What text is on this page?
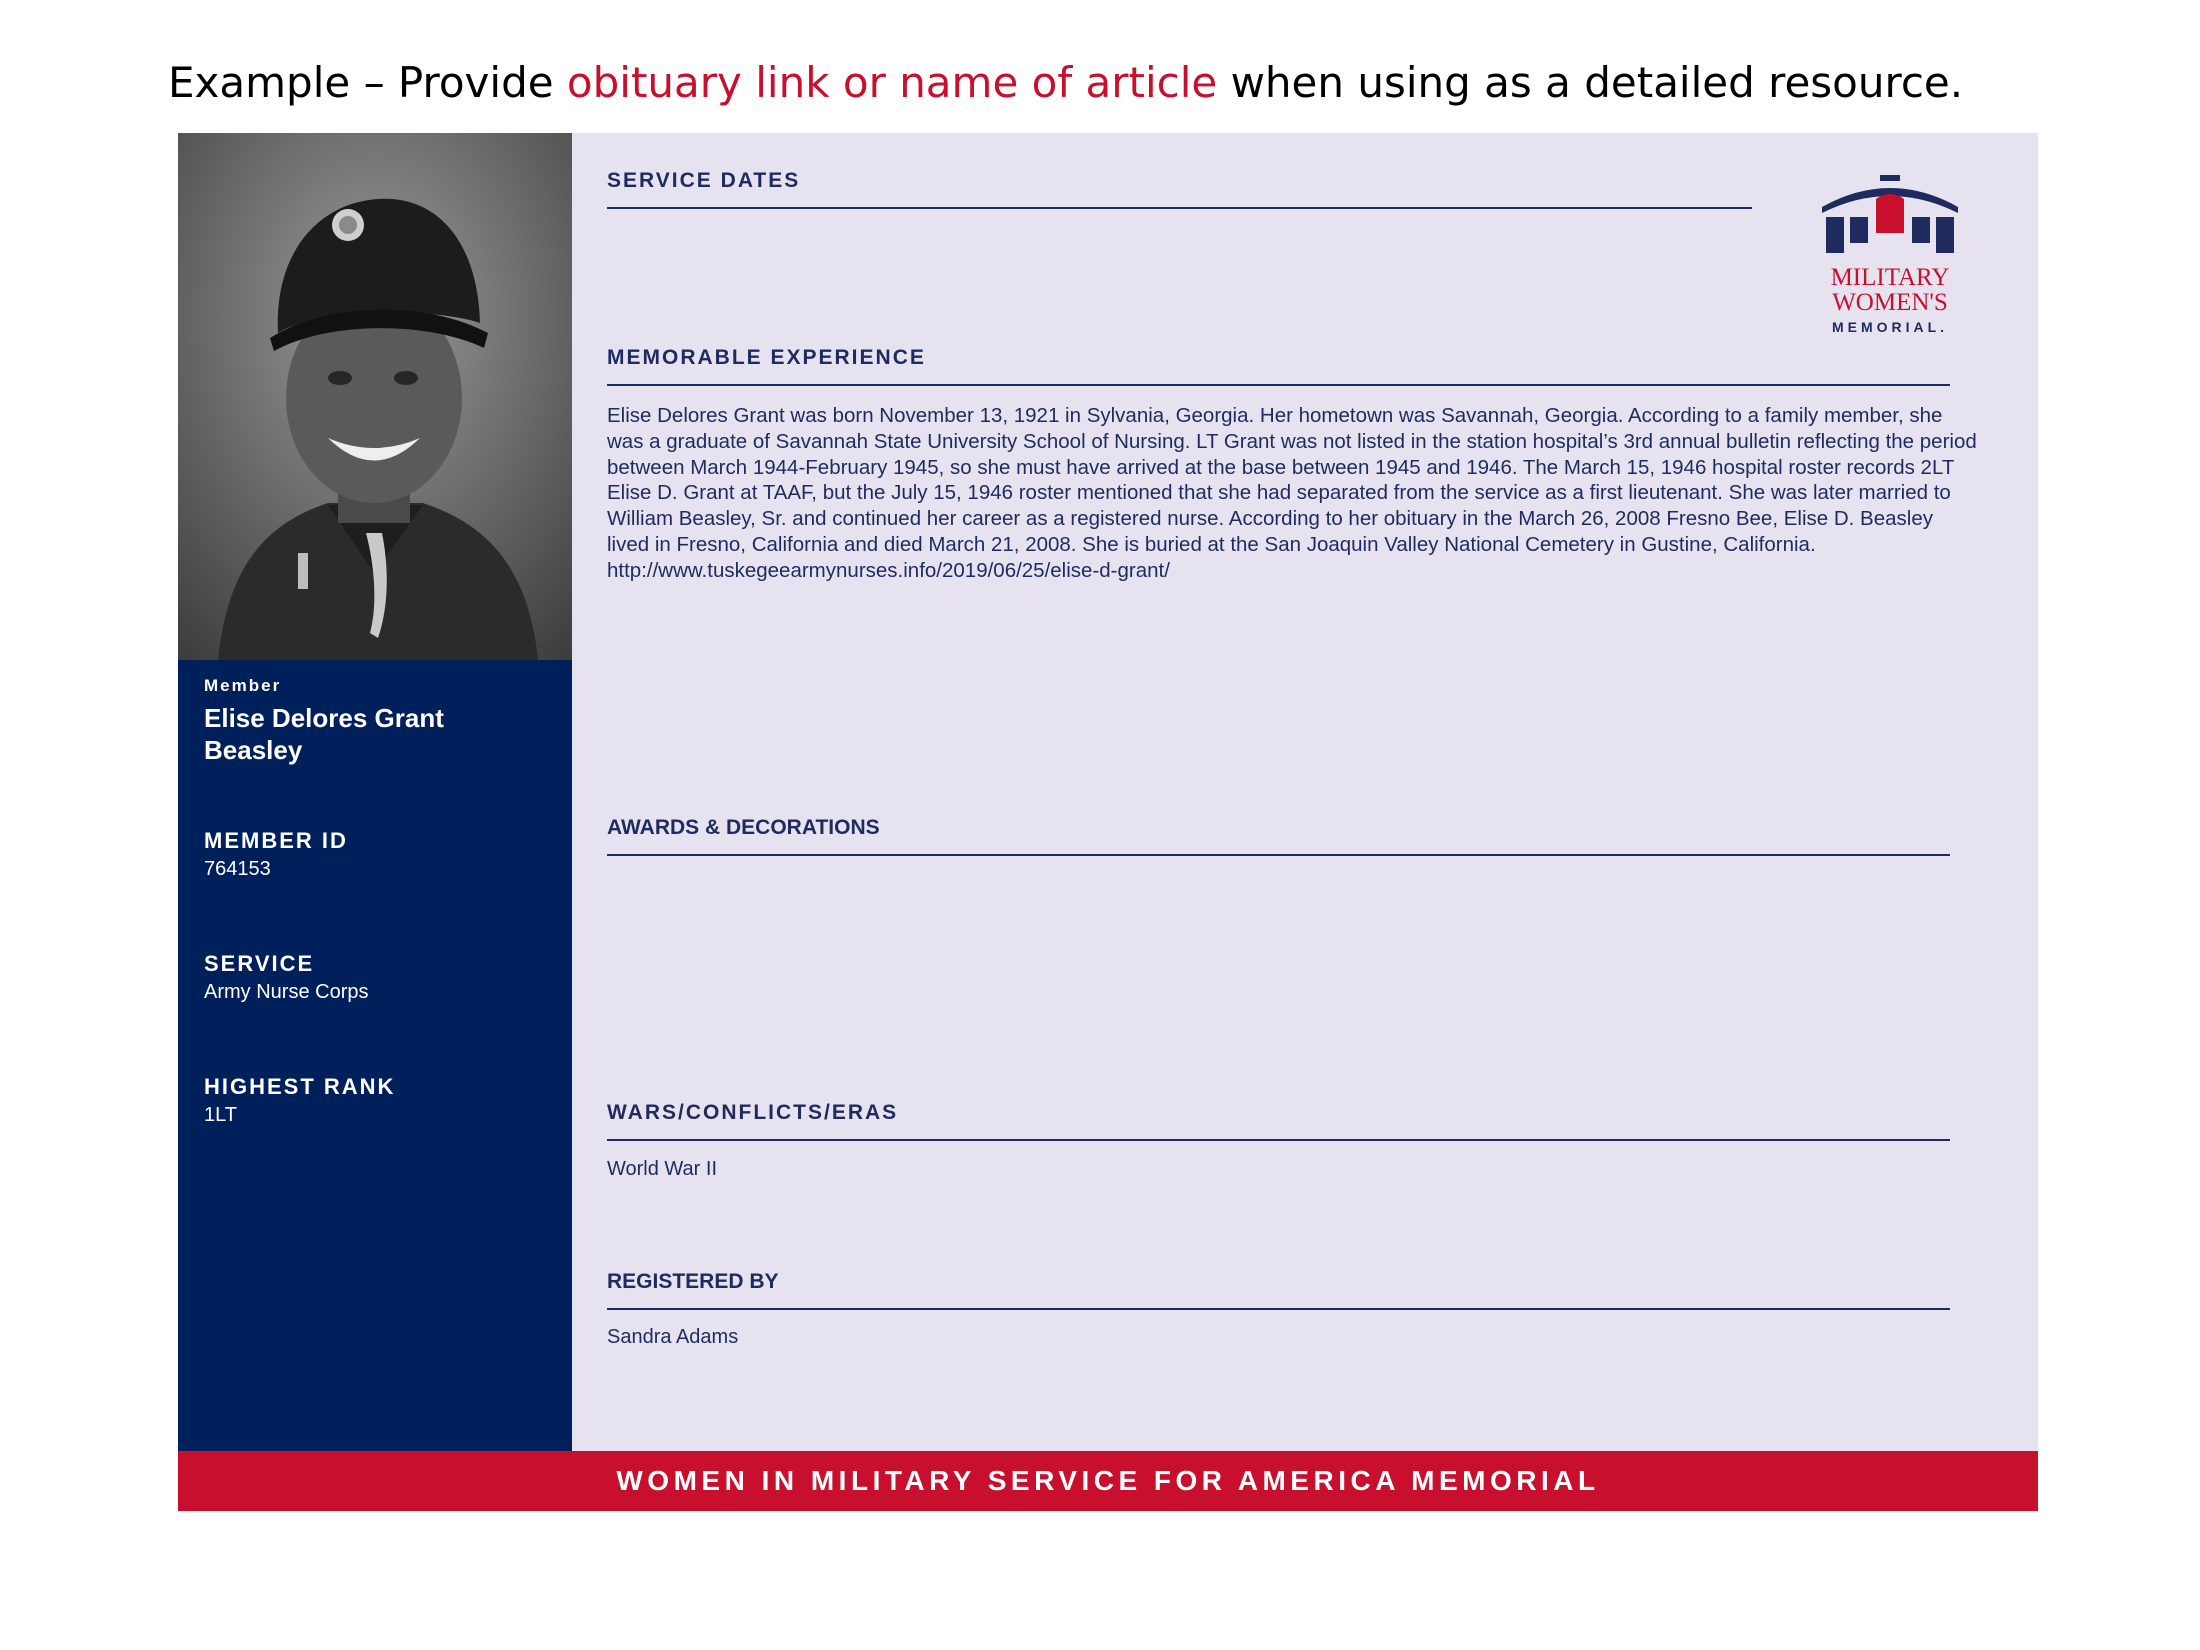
Example – Provide obituary link or name of article when using as a detailed resource.
Member
Elise Delores Grant Beasley
MEMBER ID
764153
SERVICE
Army Nurse Corps
HIGHEST RANK
1LT
MILITARY
WOMEN'S
MEMORIAL.
SERVICE DATES
MEMORABLE EXPERIENCE
Elise Delores Grant was born November 13, 1921 in Sylvania, Georgia. Her hometown was Savannah, Georgia. According to a family member, she was a graduate of Savannah State University School of Nursing. LT Grant was not listed in the station hospital’s 3rd annual bulletin reflecting the period between March 1944-February 1945, so she must have arrived at the base between 1945 and 1946. The March 15, 1946 hospital roster records 2LT Elise D. Grant at TAAF, but the July 15, 1946 roster mentioned that she had separated from the service as a first lieutenant. She was later married to William Beasley, Sr. and continued her career as a registered nurse. According to her obituary in the March 26, 2008 Fresno Bee, Elise D. Beasley lived in Fresno, California and died March 21, 2008. She is buried at the San Joaquin Valley National Cemetery in Gustine, California.
http://www.tuskegeearmynurses.info/2019/06/25/elise-d-grant/
AWARDS & DECORATIONS
WARS/CONFLICTS/ERAS
World War II
REGISTERED BY
Sandra Adams
WOMEN IN MILITARY SERVICE FOR AMERICA MEMORIAL
